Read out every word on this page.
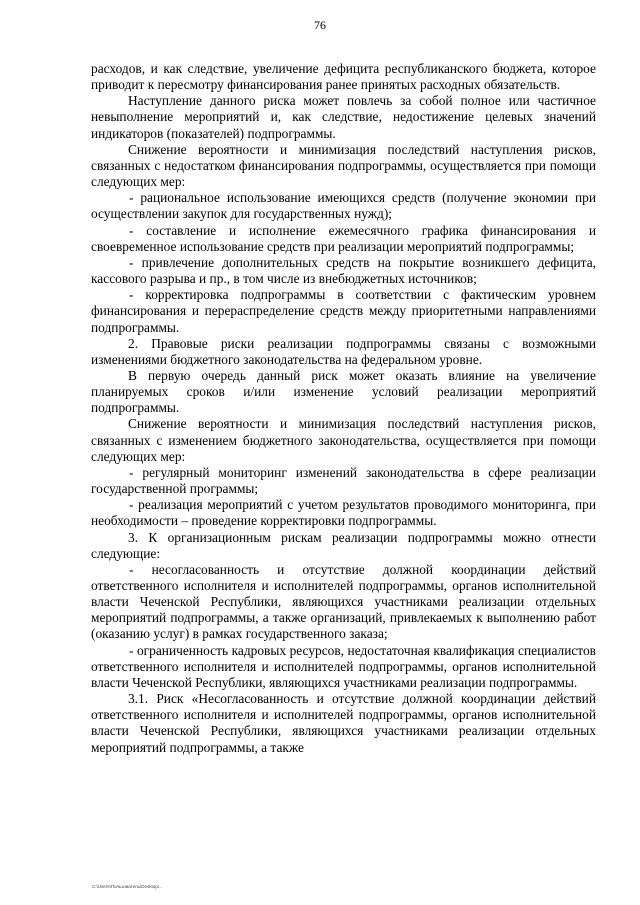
76

расходов, и как следствие, увеличение дефицита республиканского бюджета, которое приводит к пересмотру финансирования ранее принятых расходных обязательств.

Наступление данного риска может повлечь за собой полное или частичное невыполнение мероприятий и, как следствие, недостижение целевых значений индикаторов (показателей) подпрограммы.

Снижение вероятности и минимизация последствий наступления рисков, связанных с недостатком финансирования подпрограммы, осуществляется при помощи следующих мер:

- рациональное использование имеющихся средств (получение экономии при осуществлении закупок для государственных нужд);

- составление и исполнение ежемесячного графика финансирования и своевременное использование средств при реализации мероприятий подпрограммы;

- привлечение дополнительных средств на покрытие возникшего дефицита, кассового разрыва и пр., в том числе из внебюджетных источников;

- корректировка подпрограммы в соответствии с фактическим уровнем финансирования и перераспределение средств между приоритетными направлениями подпрограммы.

2. Правовые риски реализации подпрограммы связаны с возможными изменениями бюджетного законодательства на федеральном уровне.

В первую очередь данный риск может оказать влияние на увеличение планируемых сроков и/или изменение условий реализации мероприятий подпрограммы.

Снижение вероятности и минимизация последствий наступления рисков, связанных с изменением бюджетного законодательства, осуществляется при помощи следующих мер:

- регулярный мониторинг изменений законодательства в сфере реализации государственной программы;

- реализация мероприятий с учетом результатов проводимого мониторинга, при необходимости – проведение корректировки подпрограммы.

3. К организационным рискам реализации подпрограммы можно отнести следующие:

- несогласованность и отсутствие должной координации действий ответственного исполнителя и исполнителей подпрограммы, органов исполнительной власти Чеченской Республики, являющихся участниками реализации отдельных мероприятий подпрограммы, а также организаций, привлекаемых к выполнению работ (оказанию услуг) в рамках государственного заказа;

- ограниченность кадровых ресурсов, недостаточная квалификация специалистов ответственного исполнителя и исполнителей подпрограммы, органов исполнительной власти Чеченской Республики, являющихся участниками реализации подпрограммы.

3.1. Риск «Несогласованность и отсутствие должной координации действий ответственного исполнителя и исполнителей подпрограммы, органов исполнительной власти Чеченской Республики, являющихся участниками реализации отдельных мероприятий подпрограммы, а также

С:\Users\Пользователь\Desktop\...
